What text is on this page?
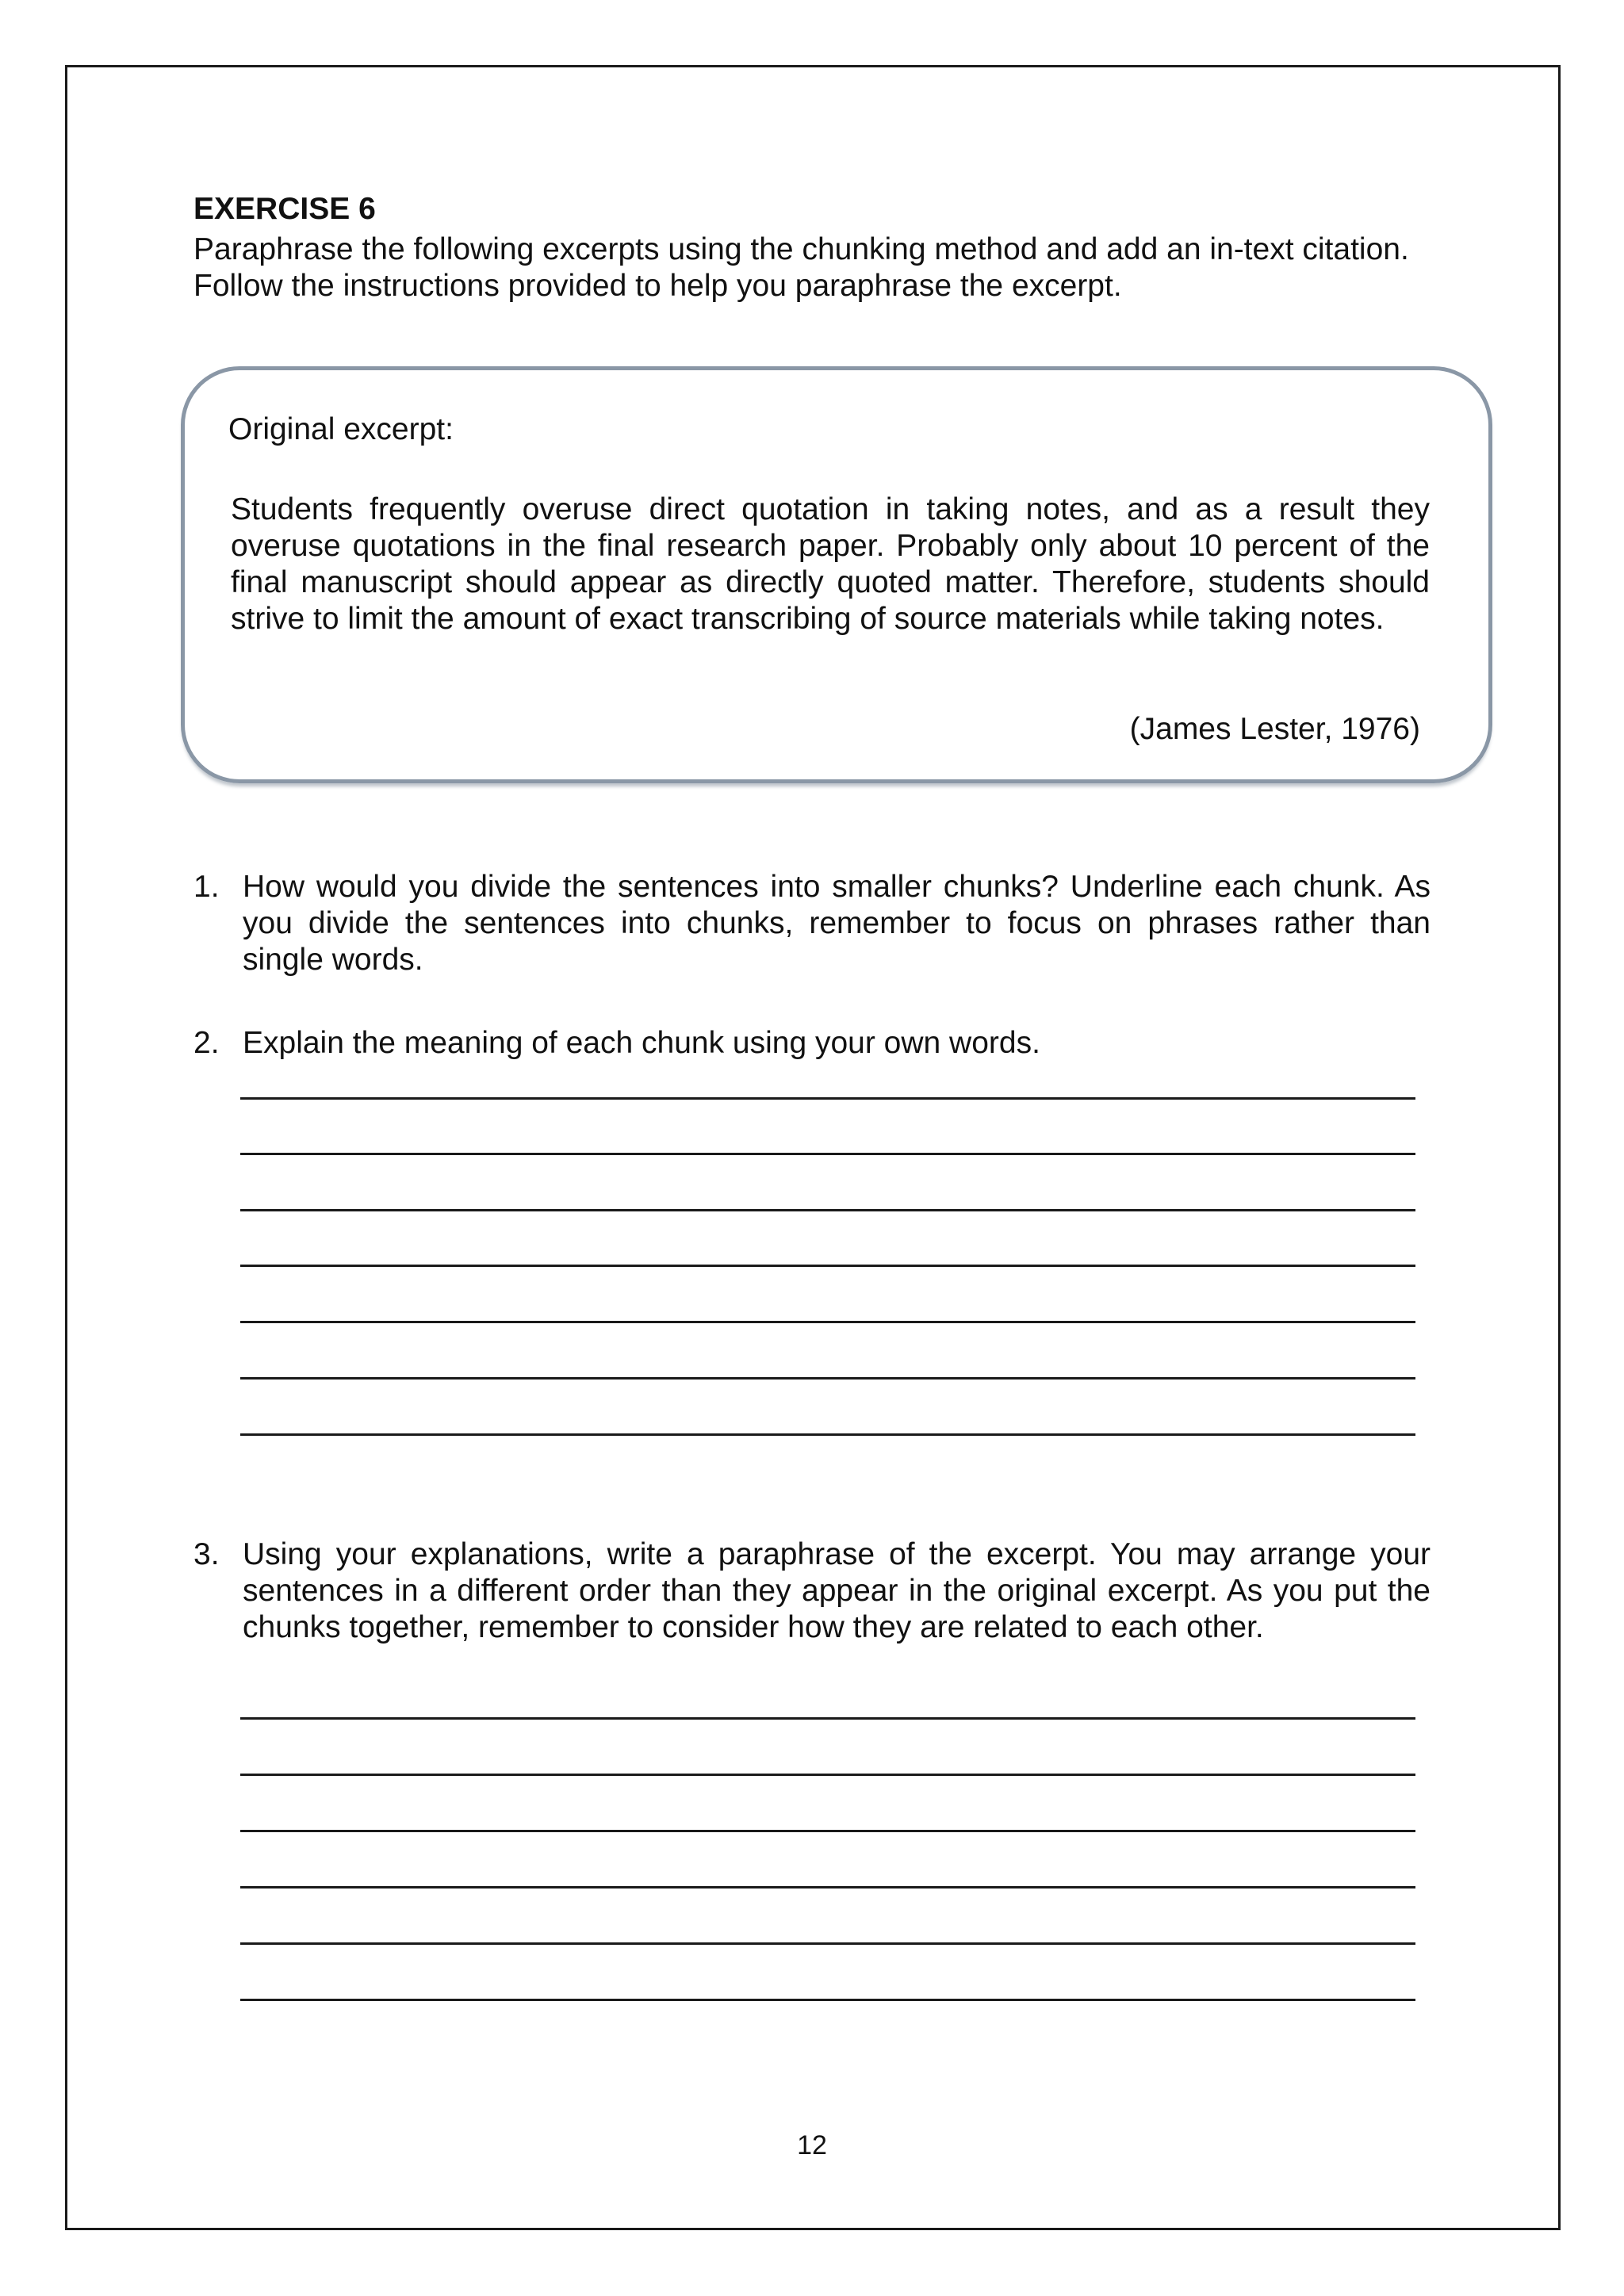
EXERCISE 6
Paraphrase the following excerpts using the chunking method and add an in-text citation. Follow the instructions provided to help you paraphrase the excerpt.
Original excerpt:
Students frequently overuse direct quotation in taking notes, and as a result they overuse quotations in the final research paper. Probably only about 10 percent of the final manuscript should appear as directly quoted matter. Therefore, students should strive to limit the amount of exact transcribing of source materials while taking notes.
(James Lester, 1976)
1. How would you divide the sentences into smaller chunks? Underline each chunk. As you divide the sentences into chunks, remember to focus on phrases rather than single words.
2. Explain the meaning of each chunk using your own words.
3. Using your explanations, write a paraphrase of the excerpt. You may arrange your sentences in a different order than they appear in the original excerpt. As you put the chunks together, remember to consider how they are related to each other.
12
